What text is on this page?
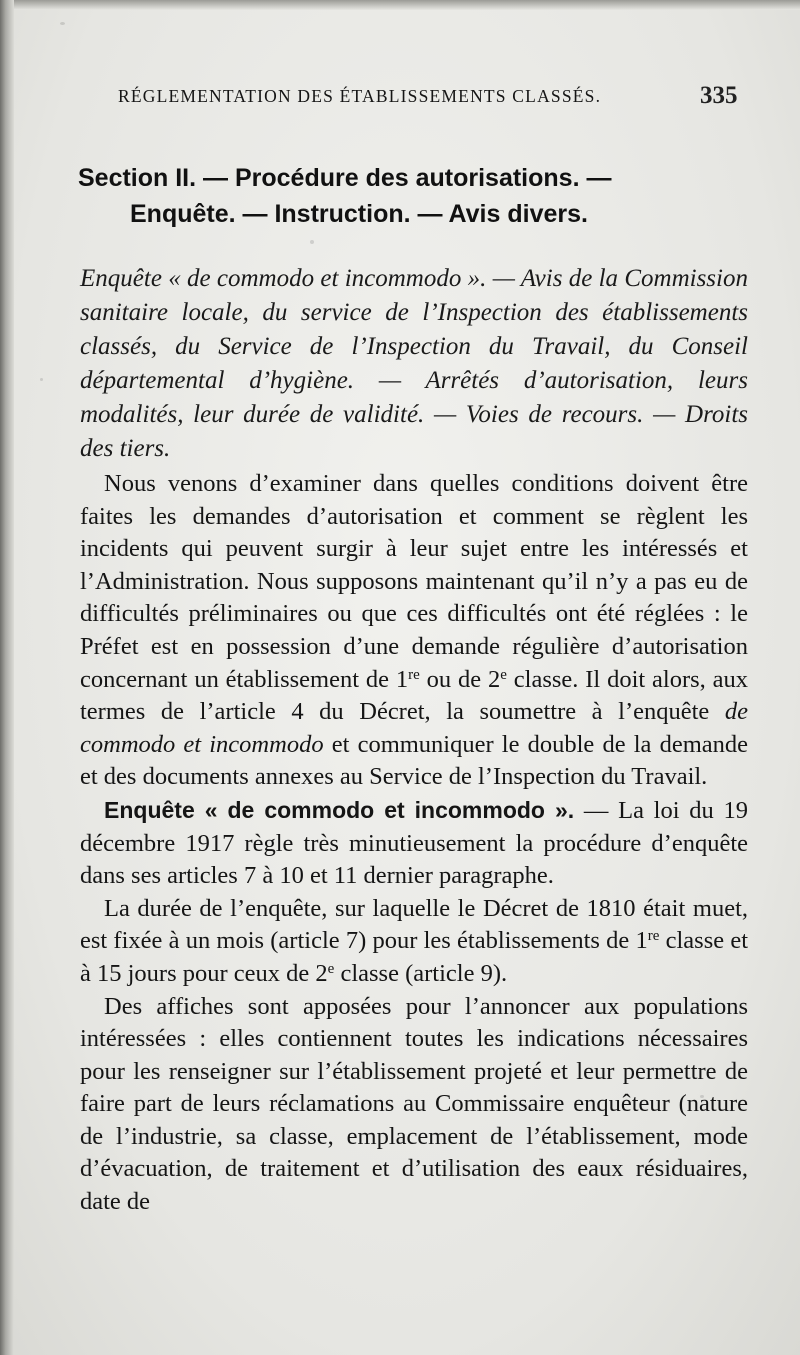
RÉGLEMENTATION DES ÉTABLISSEMENTS CLASSÉS.	335
Section II. — Procédure des autorisations. —
Enquête. — Instruction. — Avis divers.
Enquête « de commodo et incommodo ». — Avis de la Commission sanitaire locale, du service de l’Inspection des établissements classés, du Service de l’Inspection du Travail, du Conseil départemental d’hygiène. — Arrêtés d’autorisation, leurs modalités, leur durée de validité. — Voies de recours. — Droits des tiers.

Nous venons d’examiner dans quelles conditions doivent être faites les demandes d’autorisation et comment se règlent les incidents qui peuvent surgir à leur sujet entre les intéressés et l’Administration. Nous supposons maintenant qu’il n’y a pas eu de difficultés préliminaires ou que ces difficultés ont été réglées : le Préfet est en possession d’une demande régulière d’autorisation concernant un établissement de 1re ou de 2e classe. Il doit alors, aux termes de l’article 4 du Décret, la soumettre à l’enquête de commodo et incommodo et communiquer le double de la demande et des documents annexes au Service de l’Inspection du Travail.

Enquête « de commodo et incommodo ». — La loi du 19 décembre 1917 règle très minutieusement la procédure d’enquête dans ses articles 7 à 10 et 11 dernier paragraphe.

La durée de l’enquête, sur laquelle le Décret de 1810 était muet, est fixée à un mois (article 7) pour les établissements de 1re classe et à 15 jours pour ceux de 2e classe (article 9).

Des affiches sont apposées pour l’annoncer aux populations intéressées : elles contiennent toutes les indications nécessaires pour les renseigner sur l’établissement projeté et leur permettre de faire part de leurs réclamations au Commissaire enquêteur (nature de l’industrie, sa classe, emplacement de l’établissement, mode d’évacuation, de traitement et d’utilisation des eaux résiduaires, date de
